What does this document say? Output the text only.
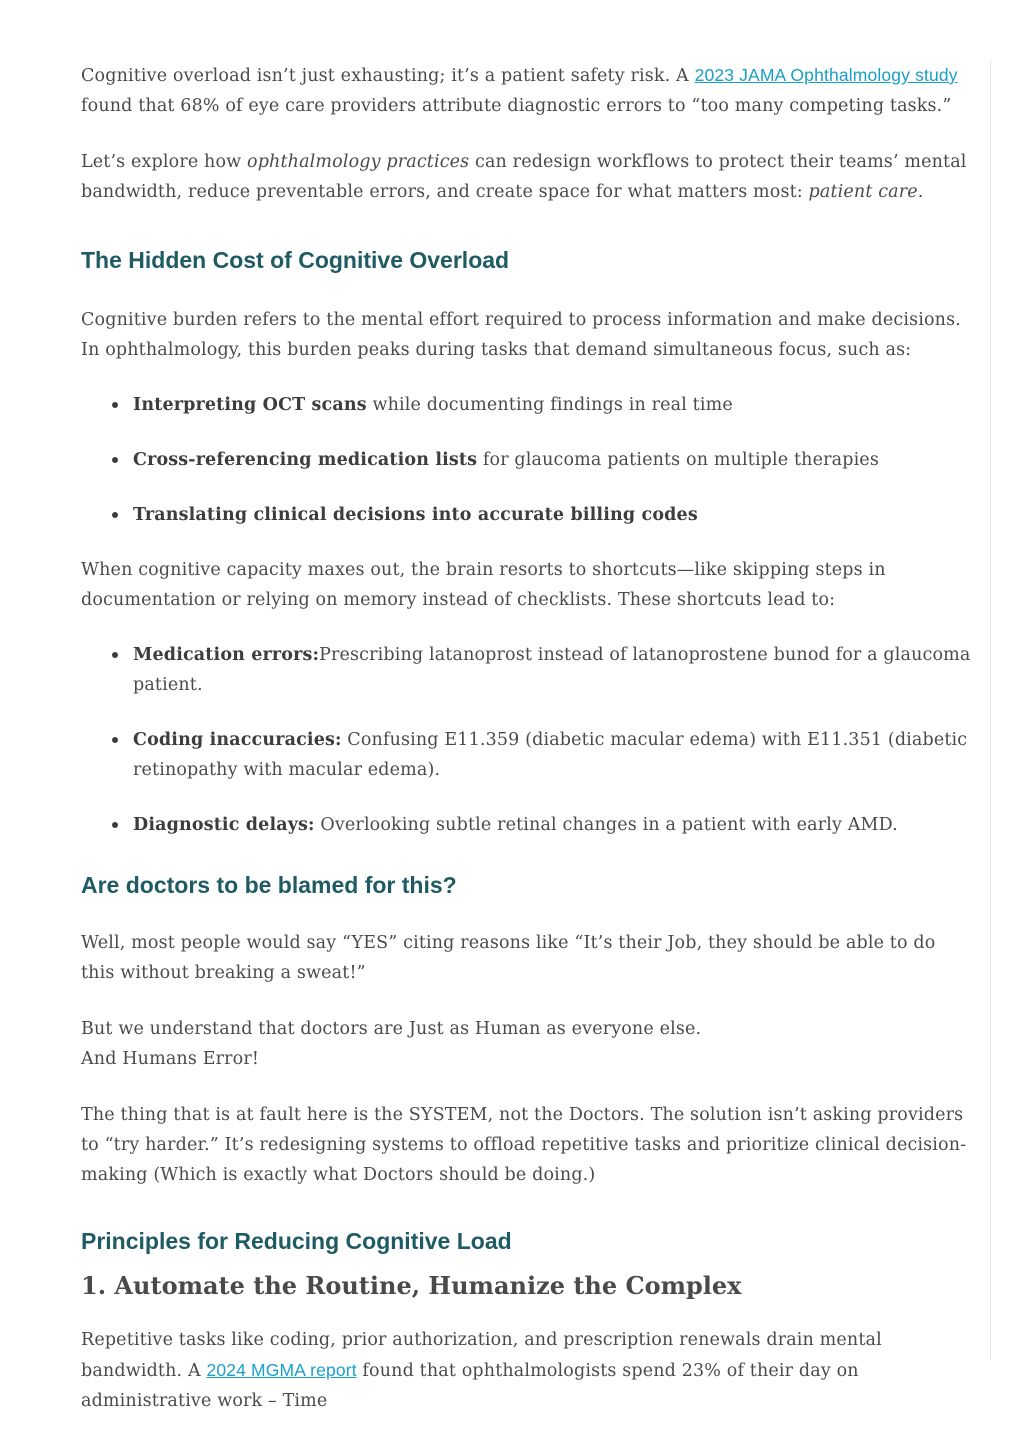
Cognitive overload isn’t just exhausting; it’s a patient safety risk. A 2023 JAMA Ophthalmology study found that 68% of eye care providers attribute diagnostic errors to “too many competing tasks.”

Let’s explore how ophthalmology practices can redesign workflows to protect their teams’ mental bandwidth, reduce preventable errors, and create space for what matters most: patient care.

The Hidden Cost of Cognitive Overload

Cognitive burden refers to the mental effort required to process information and make decisions. In ophthalmology, this burden peaks during tasks that demand simultaneous focus, such as:

Interpreting OCT scans while documenting findings in real time
Cross-referencing medication lists for glaucoma patients on multiple therapies
Translating clinical decisions into accurate billing codes

When cognitive capacity maxes out, the brain resorts to shortcuts—like skipping steps in documentation or relying on memory instead of checklists. These shortcuts lead to:

Medication errors:Prescribing latanoprost instead of latanoprostene bunod for a glaucoma patient.
Coding inaccuracies: Confusing E11.359 (diabetic macular edema) with E11.351 (diabetic retinopathy with macular edema).
Diagnostic delays: Overlooking subtle retinal changes in a patient with early AMD.
Are doctors to be blamed for this?

Well, most people would say “YES” citing reasons like “It’s their Job, they should be able to do this without breaking a sweat!”

But we understand that doctors are Just as Human as everyone else.
And Humans Error!

The thing that is at fault here is the SYSTEM, not the Doctors. The solution isn’t asking providers to “try harder.” It’s redesigning systems to offload repetitive tasks and prioritize clinical decision-making (Which is exactly what Doctors should be doing.)

Principles for Reducing Cognitive Load
1. Automate the Routine, Humanize the Complex

Repetitive tasks like coding, prior authorization, and prescription renewals drain mental bandwidth. A 2024 MGMA report found that ophthalmologists spend 23% of their day on administrative work – Time
